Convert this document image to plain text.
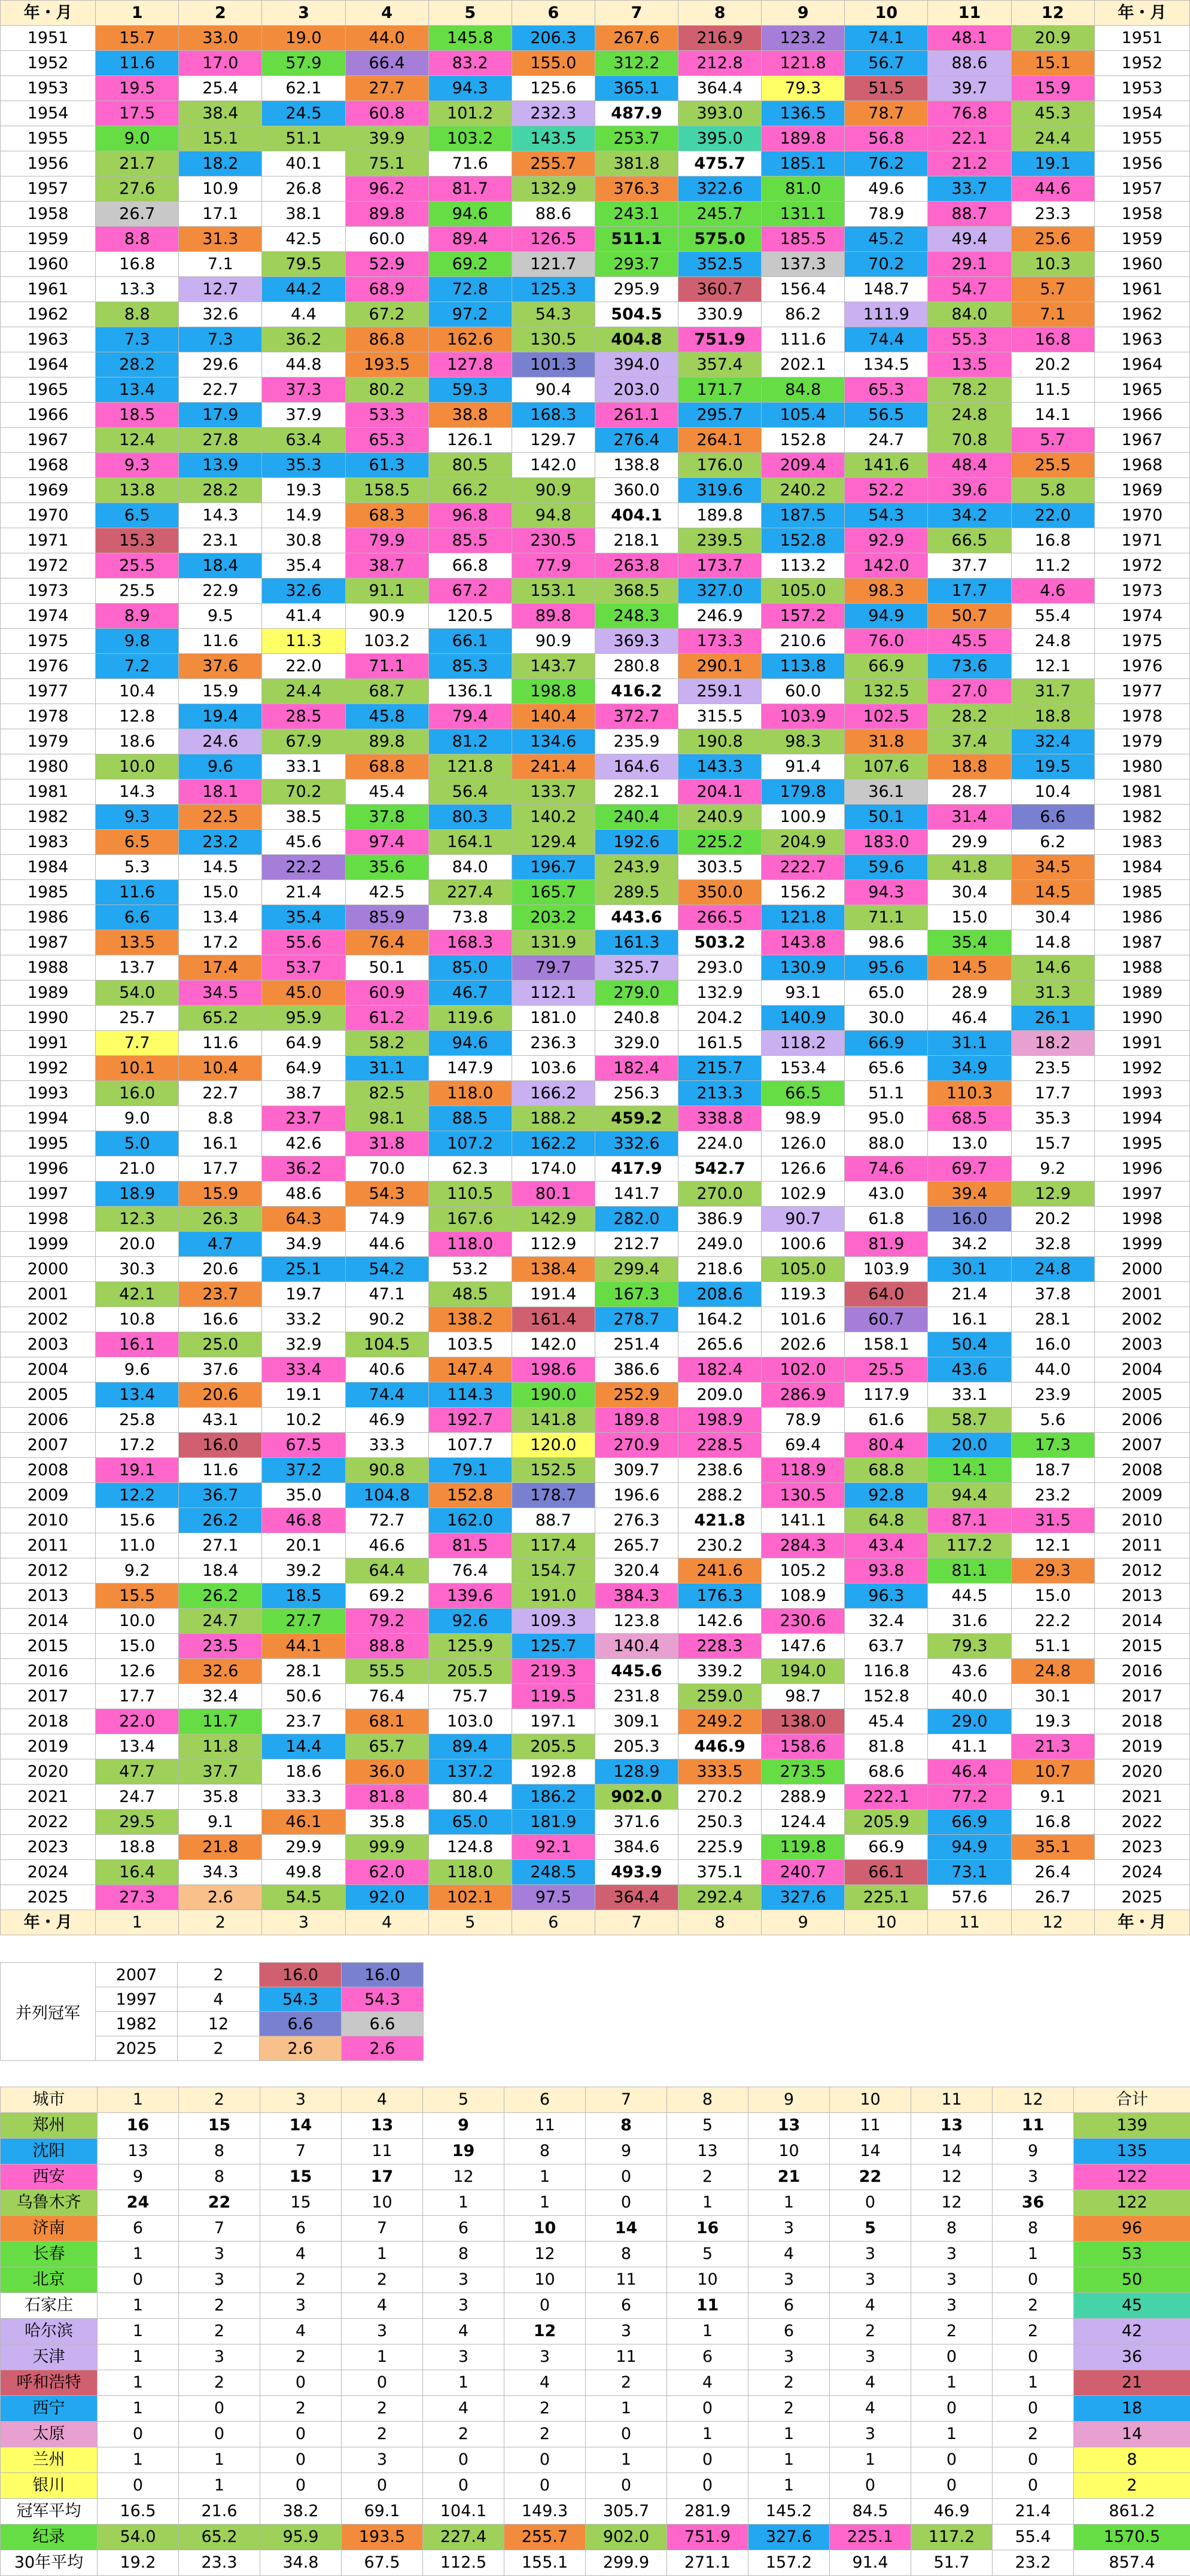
年・月	1	2	3	4	5	6	7	8	9	10	11	12	年・月
1951	15.7	33.0	19.0	44.0	145.8	206.3	267.6	216.9	123.2	74.1	48.1	20.9	1951
1952	11.6	17.0	57.9	66.4	83.2	155.0	312.2	212.8	121.8	56.7	88.6	15.1	1952
1953	19.5	25.4	62.1	27.7	94.3	125.6	365.1	364.4	79.3	51.5	39.7	15.9	1953
1954	17.5	38.4	24.5	60.8	101.2	232.3	487.9	393.0	136.5	78.7	76.8	45.3	1954
1955	9.0	15.1	51.1	39.9	103.2	143.5	253.7	395.0	189.8	56.8	22.1	24.4	1955
1956	21.7	18.2	40.1	75.1	71.6	255.7	381.8	475.7	185.1	76.2	21.2	19.1	1956
1957	27.6	10.9	26.8	96.2	81.7	132.9	376.3	322.6	81.0	49.6	33.7	44.6	1957
1958	26.7	17.1	38.1	89.8	94.6	88.6	243.1	245.7	131.1	78.9	88.7	23.3	1958
1959	8.8	31.3	42.5	60.0	89.4	126.5	511.1	575.0	185.5	45.2	49.4	25.6	1959
1960	16.8	7.1	79.5	52.9	69.2	121.7	293.7	352.5	137.3	70.2	29.1	10.3	1960
1961	13.3	12.7	44.2	68.9	72.8	125.3	295.9	360.7	156.4	148.7	54.7	5.7	1961
1962	8.8	32.6	4.4	67.2	97.2	54.3	504.5	330.9	86.2	111.9	84.0	7.1	1962
1963	7.3	7.3	36.2	86.8	162.6	130.5	404.8	751.9	111.6	74.4	55.3	16.8	1963
1964	28.2	29.6	44.8	193.5	127.8	101.3	394.0	357.4	202.1	134.5	13.5	20.2	1964
1965	13.4	22.7	37.3	80.2	59.3	90.4	203.0	171.7	84.8	65.3	78.2	11.5	1965
1966	18.5	17.9	37.9	53.3	38.8	168.3	261.1	295.7	105.4	56.5	24.8	14.1	1966
1967	12.4	27.8	63.4	65.3	126.1	129.7	276.4	264.1	152.8	24.7	70.8	5.7	1967
1968	9.3	13.9	35.3	61.3	80.5	142.0	138.8	176.0	209.4	141.6	48.4	25.5	1968
1969	13.8	28.2	19.3	158.5	66.2	90.9	360.0	319.6	240.2	52.2	39.6	5.8	1969
1970	6.5	14.3	14.9	68.3	96.8	94.8	404.1	189.8	187.5	54.3	34.2	22.0	1970
1971	15.3	23.1	30.8	79.9	85.5	230.5	218.1	239.5	152.8	92.9	66.5	16.8	1971
1972	25.5	18.4	35.4	38.7	66.8	77.9	263.8	173.7	113.2	142.0	37.7	11.2	1972
1973	25.5	22.9	32.6	91.1	67.2	153.1	368.5	327.0	105.0	98.3	17.7	4.6	1973
1974	8.9	9.5	41.4	90.9	120.5	89.8	248.3	246.9	157.2	94.9	50.7	55.4	1974
1975	9.8	11.6	11.3	103.2	66.1	90.9	369.3	173.3	210.6	76.0	45.5	24.8	1975
1976	7.2	37.6	22.0	71.1	85.3	143.7	280.8	290.1	113.8	66.9	73.6	12.1	1976
1977	10.4	15.9	24.4	68.7	136.1	198.8	416.2	259.1	60.0	132.5	27.0	31.7	1977
1978	12.8	19.4	28.5	45.8	79.4	140.4	372.7	315.5	103.9	102.5	28.2	18.8	1978
1979	18.6	24.6	67.9	89.8	81.2	134.6	235.9	190.8	98.3	31.8	37.4	32.4	1979
1980	10.0	9.6	33.1	68.8	121.8	241.4	164.6	143.3	91.4	107.6	18.8	19.5	1980
1981	14.3	18.1	70.2	45.4	56.4	133.7	282.1	204.1	179.8	36.1	28.7	10.4	1981
1982	9.3	22.5	38.5	37.8	80.3	140.2	240.4	240.9	100.9	50.1	31.4	6.6	1982
1983	6.5	23.2	45.6	97.4	164.1	129.4	192.6	225.2	204.9	183.0	29.9	6.2	1983
1984	5.3	14.5	22.2	35.6	84.0	196.7	243.9	303.5	222.7	59.6	41.8	34.5	1984
1985	11.6	15.0	21.4	42.5	227.4	165.7	289.5	350.0	156.2	94.3	30.4	14.5	1985
1986	6.6	13.4	35.4	85.9	73.8	203.2	443.6	266.5	121.8	71.1	15.0	30.4	1986
1987	13.5	17.2	55.6	76.4	168.3	131.9	161.3	503.2	143.8	98.6	35.4	14.8	1987
1988	13.7	17.4	53.7	50.1	85.0	79.7	325.7	293.0	130.9	95.6	14.5	14.6	1988
1989	54.0	34.5	45.0	60.9	46.7	112.1	279.0	132.9	93.1	65.0	28.9	31.3	1989
1990	25.7	65.2	95.9	61.2	119.6	181.0	240.8	204.2	140.9	30.0	46.4	26.1	1990
1991	7.7	11.6	64.9	58.2	94.6	236.3	329.0	161.5	118.2	66.9	31.1	18.2	1991
1992	10.1	10.4	64.9	31.1	147.9	103.6	182.4	215.7	153.4	65.6	34.9	23.5	1992
1993	16.0	22.7	38.7	82.5	118.0	166.2	256.3	213.3	66.5	51.1	110.3	17.7	1993
1994	9.0	8.8	23.7	98.1	88.5	188.2	459.2	338.8	98.9	95.0	68.5	35.3	1994
1995	5.0	16.1	42.6	31.8	107.2	162.2	332.6	224.0	126.0	88.0	13.0	15.7	1995
1996	21.0	17.7	36.2	70.0	62.3	174.0	417.9	542.7	126.6	74.6	69.7	9.2	1996
1997	18.9	15.9	48.6	54.3	110.5	80.1	141.7	270.0	102.9	43.0	39.4	12.9	1997
1998	12.3	26.3	64.3	74.9	167.6	142.9	282.0	386.9	90.7	61.8	16.0	20.2	1998
1999	20.0	4.7	34.9	44.6	118.0	112.9	212.7	249.0	100.6	81.9	34.2	32.8	1999
2000	30.3	20.6	25.1	54.2	53.2	138.4	299.4	218.6	105.0	103.9	30.1	24.8	2000
2001	42.1	23.7	19.7	47.1	48.5	191.4	167.3	208.6	119.3	64.0	21.4	37.8	2001
2002	10.8	16.6	33.2	90.2	138.2	161.4	278.7	164.2	101.6	60.7	16.1	28.1	2002
2003	16.1	25.0	32.9	104.5	103.5	142.0	251.4	265.6	202.6	158.1	50.4	16.0	2003
2004	9.6	37.6	33.4	40.6	147.4	198.6	386.6	182.4	102.0	25.5	43.6	44.0	2004
2005	13.4	20.6	19.1	74.4	114.3	190.0	252.9	209.0	286.9	117.9	33.1	23.9	2005
2006	25.8	43.1	10.2	46.9	192.7	141.8	189.8	198.9	78.9	61.6	58.7	5.6	2006
2007	17.2	16.0	67.5	33.3	107.7	120.0	270.9	228.5	69.4	80.4	20.0	17.3	2007
2008	19.1	11.6	37.2	90.8	79.1	152.5	309.7	238.6	118.9	68.8	14.1	18.7	2008
2009	12.2	36.7	35.0	104.8	152.8	178.7	196.6	288.2	130.5	92.8	94.4	23.2	2009
2010	15.6	26.2	46.8	72.7	162.0	88.7	276.3	421.8	141.1	64.8	87.1	31.5	2010
2011	11.0	27.1	20.1	46.6	81.5	117.4	265.7	230.2	284.3	43.4	117.2	12.1	2011
2012	9.2	18.4	39.2	64.4	76.4	154.7	320.4	241.6	105.2	93.8	81.1	29.3	2012
2013	15.5	26.2	18.5	69.2	139.6	191.0	384.3	176.3	108.9	96.3	44.5	15.0	2013
2014	10.0	24.7	27.7	79.2	92.6	109.3	123.8	142.6	230.6	32.4	31.6	22.2	2014
2015	15.0	23.5	44.1	88.8	125.9	125.7	140.4	228.3	147.6	63.7	79.3	51.1	2015
2016	12.6	32.6	28.1	55.5	205.5	219.3	445.6	339.2	194.0	116.8	43.6	24.8	2016
2017	17.7	32.4	50.6	76.4	75.7	119.5	231.8	259.0	98.7	152.8	40.0	30.1	2017
2018	22.0	11.7	23.7	68.1	103.0	197.1	309.1	249.2	138.0	45.4	29.0	19.3	2018
2019	13.4	11.8	14.4	65.7	89.4	205.5	205.3	446.9	158.6	81.8	41.1	21.3	2019
2020	47.7	37.7	18.6	36.0	137.2	192.8	128.9	333.5	273.5	68.6	46.4	10.7	2020
2021	24.7	35.8	33.3	81.8	80.4	186.2	902.0	270.2	288.9	222.1	77.2	9.1	2021
2022	29.5	9.1	46.1	35.8	65.0	181.9	371.6	250.3	124.4	205.9	66.9	16.8	2022
2023	18.8	21.8	29.9	99.9	124.8	92.1	384.6	225.9	119.8	66.9	94.9	35.1	2023
2024	16.4	34.3	49.8	62.0	118.0	248.5	493.9	375.1	240.7	66.1	73.1	26.4	2024
2025	27.3	2.6	54.5	92.0	102.1	97.5	364.4	292.4	327.6	225.1	57.6	26.7	2025
年・月	1	2	3	4	5	6	7	8	9	10	11	12	年・月
并列冠军	2007	2	16.0	16.0
	1997	4	54.3	54.3
	1982	12	6.6	6.6
	2025	2	2.6	2.6
城市	1	2	3	4	5	6	7	8	9	10	11	12	合计
郑州	16	15	14	13	9	11	8	5	13	11	13	11	139
沈阳	13	8	7	11	19	8	9	13	10	14	14	9	135
西安	9	8	15	17	12	1	0	2	21	22	12	3	122
乌鲁木齐	24	22	15	10	1	1	0	1	1	0	12	36	122
济南	6	7	6	7	6	10	14	16	3	5	8	8	96
长春	1	3	4	1	8	12	8	5	4	3	3	1	53
北京	0	3	2	2	3	10	11	10	3	3	3	0	50
石家庄	1	2	3	4	3	0	6	11	6	4	3	2	45
哈尔滨	1	2	4	3	4	12	3	1	6	2	2	2	42
天津	1	3	2	1	3	3	11	6	3	3	0	0	36
呼和浩特	1	2	0	0	1	4	2	4	2	4	1	1	21
西宁	1	0	2	2	4	2	1	0	2	4	0	0	18
太原	0	0	0	2	2	2	0	1	1	3	1	2	14
兰州	1	1	0	3	0	0	1	0	1	1	0	0	8
银川	0	1	0	0	0	0	0	0	1	0	0	0	2
冠军平均	16.5	21.6	38.2	69.1	104.1	149.3	305.7	281.9	145.2	84.5	46.9	21.4	861.2
纪录	54.0	65.2	95.9	193.5	227.4	255.7	902.0	751.9	327.6	225.1	117.2	55.4	1570.5
30年平均	19.2	23.3	34.8	67.5	112.5	155.1	299.9	271.1	157.2	91.4	51.7	23.2	857.4
